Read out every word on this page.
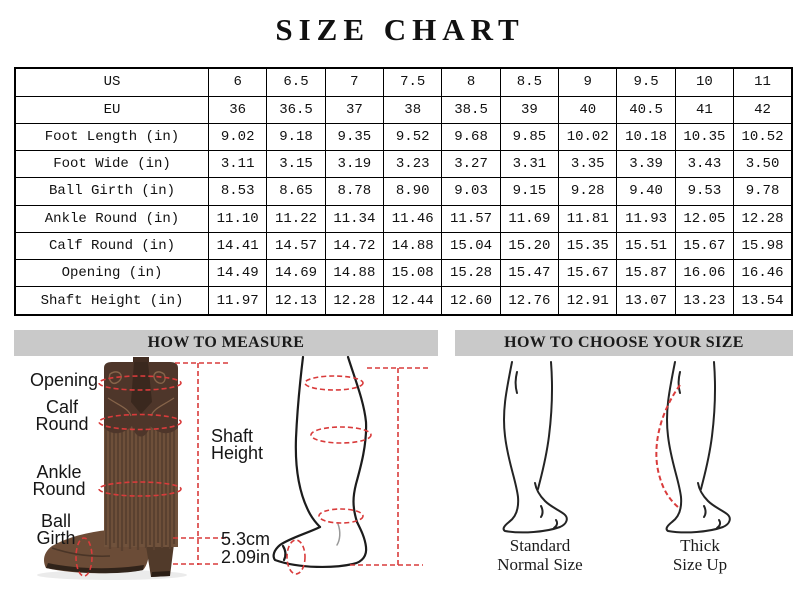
SIZE CHART
US	6	6.5	7	7.5	8	8.5	9	9.5	10	11
EU	36	36.5	37	38	38.5	39	40	40.5	41	42
Foot Length (in)	9.02	9.18	9.35	9.52	9.68	9.85	10.02	10.18	10.35	10.52
Foot Wide (in)	3.11	3.15	3.19	3.23	3.27	3.31	3.35	3.39	3.43	3.50
Ball Girth (in)	8.53	8.65	8.78	8.90	9.03	9.15	9.28	9.40	9.53	9.78
Ankle Round (in)	11.10	11.22	11.34	11.46	11.57	11.69	11.81	11.93	12.05	12.28
Calf Round (in)	14.41	14.57	14.72	14.88	15.04	15.20	15.35	15.51	15.67	15.98
Opening (in)	14.49	14.69	14.88	15.08	15.28	15.47	15.67	15.87	16.06	16.46
Shaft Height (in)	11.97	12.13	12.28	12.44	12.60	12.76	12.91	13.07	13.23	13.54
HOW TO MEASURE	HOW TO CHOOSE YOUR SIZE
Opening
Calf
Round
Ankle
Round
Ball
Girth
Shaft
Height
5.3cm
2.09in
Standard
Normal Size
Thick
Size Up
